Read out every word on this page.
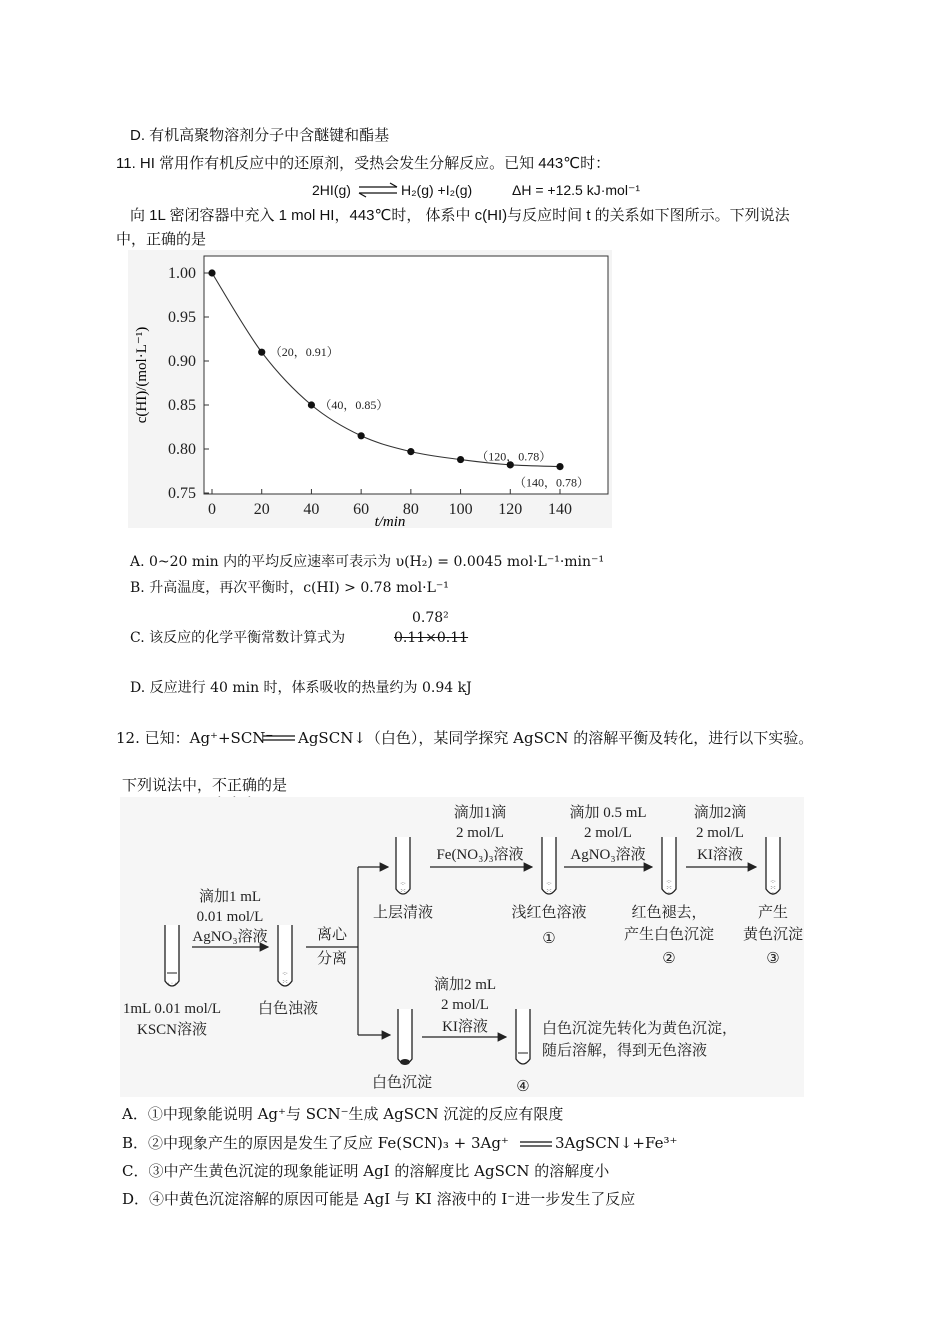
D. 有机高聚物溶剂分子中含醚键和酯基
11. HI 常用作有机反应中的还原剂，受热会发生分解反应。已知 443℃时：
2HI(g) ⇌ H₂(g) +I₂(g)	ΔH = +12.5 kJ·mol⁻¹
向 1L 密闭容器中充入 1 mol HI，443℃时， 体系中 c(HI)与反应时间 t 的关系如下图所示。下列说法
中，正确的是
0 20 40 60 80 100 120 140
0.75
0.80
0.85
0.90
0.95
1.00
（20，0.91）
（40，0.85）
（120，0.78）
（140，0.78）
t/min
c(HI)/(mol·L⁻¹)
A. 0~20 min 内的平均反应速率可表示为 υ(H₂) = 0.0045 mol·L⁻¹·min⁻¹
B. 升高温度，再次平衡时，c(HI) > 0.78 mol·L⁻¹
C. 该反应的化学平衡常数计算式为
0.78²
0.11×0.11
D. 反应进行 40 min 时，体系吸收的热量约为 0.94 kJ
12. 已知：Ag⁺+SCN⁻ AgSCN↓（白色），某同学探究 AgSCN 的溶解平衡及转化，进行以下实验。
下列说法中，不正确的是
· · ·
·:·
:·:
·:·
:·:
·:·
:·:
·:·
:·:
·:·
·:·
:·:
·:·
1mL 0.01 mol/L
KSCN溶液
滴加1 mL
0.01 mol/L
AgNO₃溶液
白色浊液
离心
分离
上层清液
滴加1滴
2 mol/L
Fe(NO₃)₃溶液
浅红色溶液
①
滴加 0.5 mL
2 mol/L
AgNO₃溶液
红色褪去，
产生白色沉淀
②
滴加2滴
2 mol/L
KI溶液
产生
黄色沉淀
③
白色沉淀
滴加2 mL
2 mol/L
KI溶液	白色沉淀先转化为黄色沉淀，
随后溶解，得到无色溶液
④
A．①中现象能说明 Ag⁺与 SCN⁻生成 AgSCN 沉淀的反应有限度
B．②中现象产生的原因是发生了反应 Fe(SCN)₃ + 3Ag⁺	3AgSCN↓+Fe³⁺
C．③中产生黄色沉淀的现象能证明 AgI 的溶解度比 AgSCN 的溶解度小
D．④中黄色沉淀溶解的原因可能是 AgI 与 KI 溶液中的 I⁻进一步发生了反应
